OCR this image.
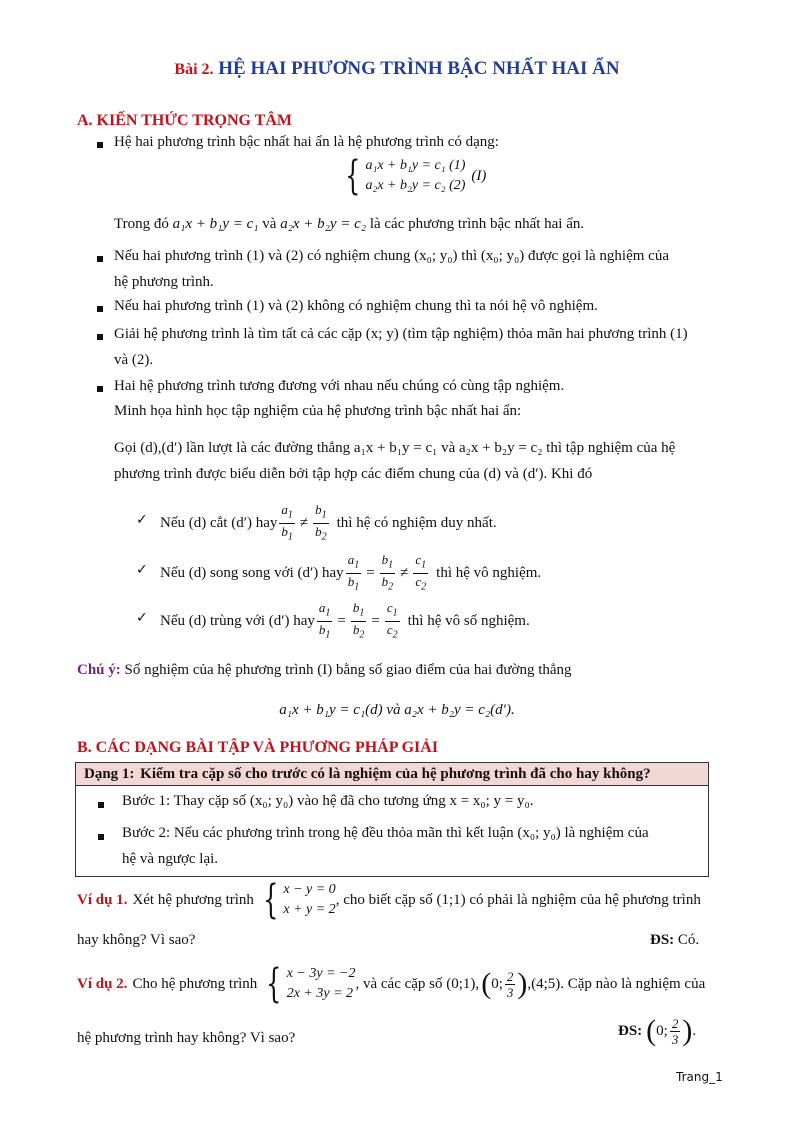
Bài 2. HỆ HAI PHƯƠNG TRÌNH BẬC NHẤT HAI ẨN
A. KIẾN THỨC TRỌNG TÂM
Hệ hai phương trình bậc nhất hai ẩn là hệ phương trình có dạng:
{ a₁x + b₁y = c₁ (1)
a₂x + b₂y = c₂ (2)
(I)
Trong đó a₁x + b₁y = c₁ và a₂x + b₂y = c₂ là các phương trình bậc nhất hai ẩn.
Nếu hai phương trình (1) và (2) có nghiệm chung (x₀; y₀) thì (x₀; y₀) được gọi là nghiệm của
hệ phương trình.
Nếu hai phương trình (1) và (2) không có nghiệm chung thì ta nói hệ vô nghiệm.
Giải hệ phương trình là tìm tất cả các cặp (x; y) (tìm tập nghiệm) thỏa mãn hai phương trình (1)
và (2).
Hai hệ phương trình tương đương với nhau nếu chúng có cùng tập nghiệm.
Minh họa hình học tập nghiệm của hệ phương trình bậc nhất hai ẩn:
Gọi (d),(d′) lần lượt là các đường thẳng a₁x + b₁y = c₁ và a₂x + b₂y = c₂ thì tập nghiệm của hệ
phương trình được biểu diễn bởi tập hợp các điểm chung của (d) và (d′). Khi đó
✓ Nếu (d) cắt (d′) hay $\frac{a_1}{b_1} \ne \frac{b_1}{b_2}$ thì hệ có nghiệm duy nhất.
✓ Nếu (d) song song với (d′) hay $\frac{a_1}{b_1} = \frac{b_1}{b_2} \ne \frac{c_1}{c_2}$ thì hệ vô nghiệm.
✓ Nếu (d) trùng với (d′) hay $\frac{a_1}{b_1} = \frac{b_1}{b_2} = \frac{c_1}{c_2}$ thì hệ vô số nghiệm.
Chú ý: Số nghiệm của hệ phương trình (I) bằng số giao điểm của hai đường thẳng
a₁x + b₁y = c₁(d) và a₂x + b₂y = c₂(d′).
B. CÁC DẠNG BÀI TẬP VÀ PHƯƠNG PHÁP GIẢI
Dạng 1: Kiểm tra cặp số cho trước có là nghiệm của hệ phương trình đã cho hay không?
Bước 1: Thay cặp số (x₀; y₀) vào hệ đã cho tương ứng x = x₀; y = y₀.
Bước 2: Nếu các phương trình trong hệ đều thỏa mãn thì kết luận (x₀; y₀) là nghiệm của
hệ và ngược lại.
Ví dụ 1. Xét hệ phương trình { x − y = 0
x + y = 2
, cho biết cặp số (1;1) có phải là nghiệm của hệ phương trình
hay không? Vì sao?	ĐS: Có.
Ví dụ 2. Cho hệ phương trình { x − 3y = −2
2x + 3y = 2
, và các cặp số (0;1), ( 0; $\frac{2}{3}$ ) ,(4;5). Cặp nào là nghiệm của
hệ phương trình hay không? Vì sao?	ĐS: ( 0; $\frac{2}{3}$ ) .
Trang_1
